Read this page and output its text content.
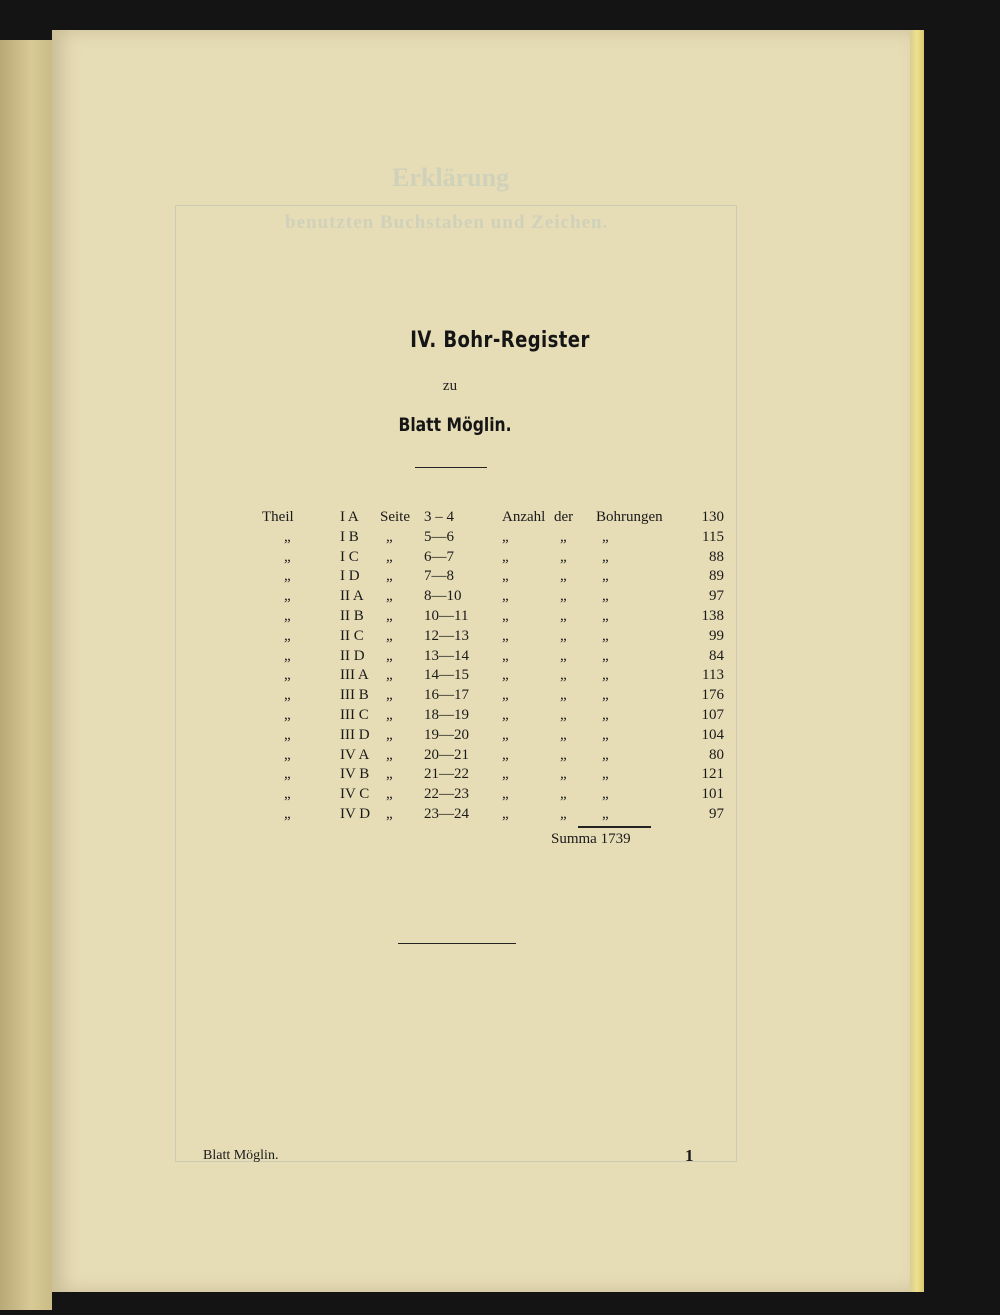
Erklärung
benutzten Buchstaben und Zeichen.
IV. Bohr-Register
zu
Blatt Möglin.
Theil	I A	Seite	3 – 4	Anzahl	der	Bohrungen	130
„	I B	„	5—6	„	„	„	115
„	I C	„	6—7	„	„	„	88
„	I D	„	7—8	„	„	„	89
„	II A	„	8—10	„	„	„	97
„	II B	„	10—11	„	„	„	138
„	II C	„	12—13	„	„	„	99
„	II D	„	13—14	„	„	„	84
„	III A	„	14—15	„	„	„	113
„	III B	„	16—17	„	„	„	176
„	III C	„	18—19	„	„	„	107
„	III D	„	19—20	„	„	„	104
„	IV A	„	20—21	„	„	„	80
„	IV B	„	21—22	„	„	„	121
„	IV C	„	22—23	„	„	„	101
„	IV D	„	23—24	„	„	„	97
Summa 1739
Blatt Möglin.	1
